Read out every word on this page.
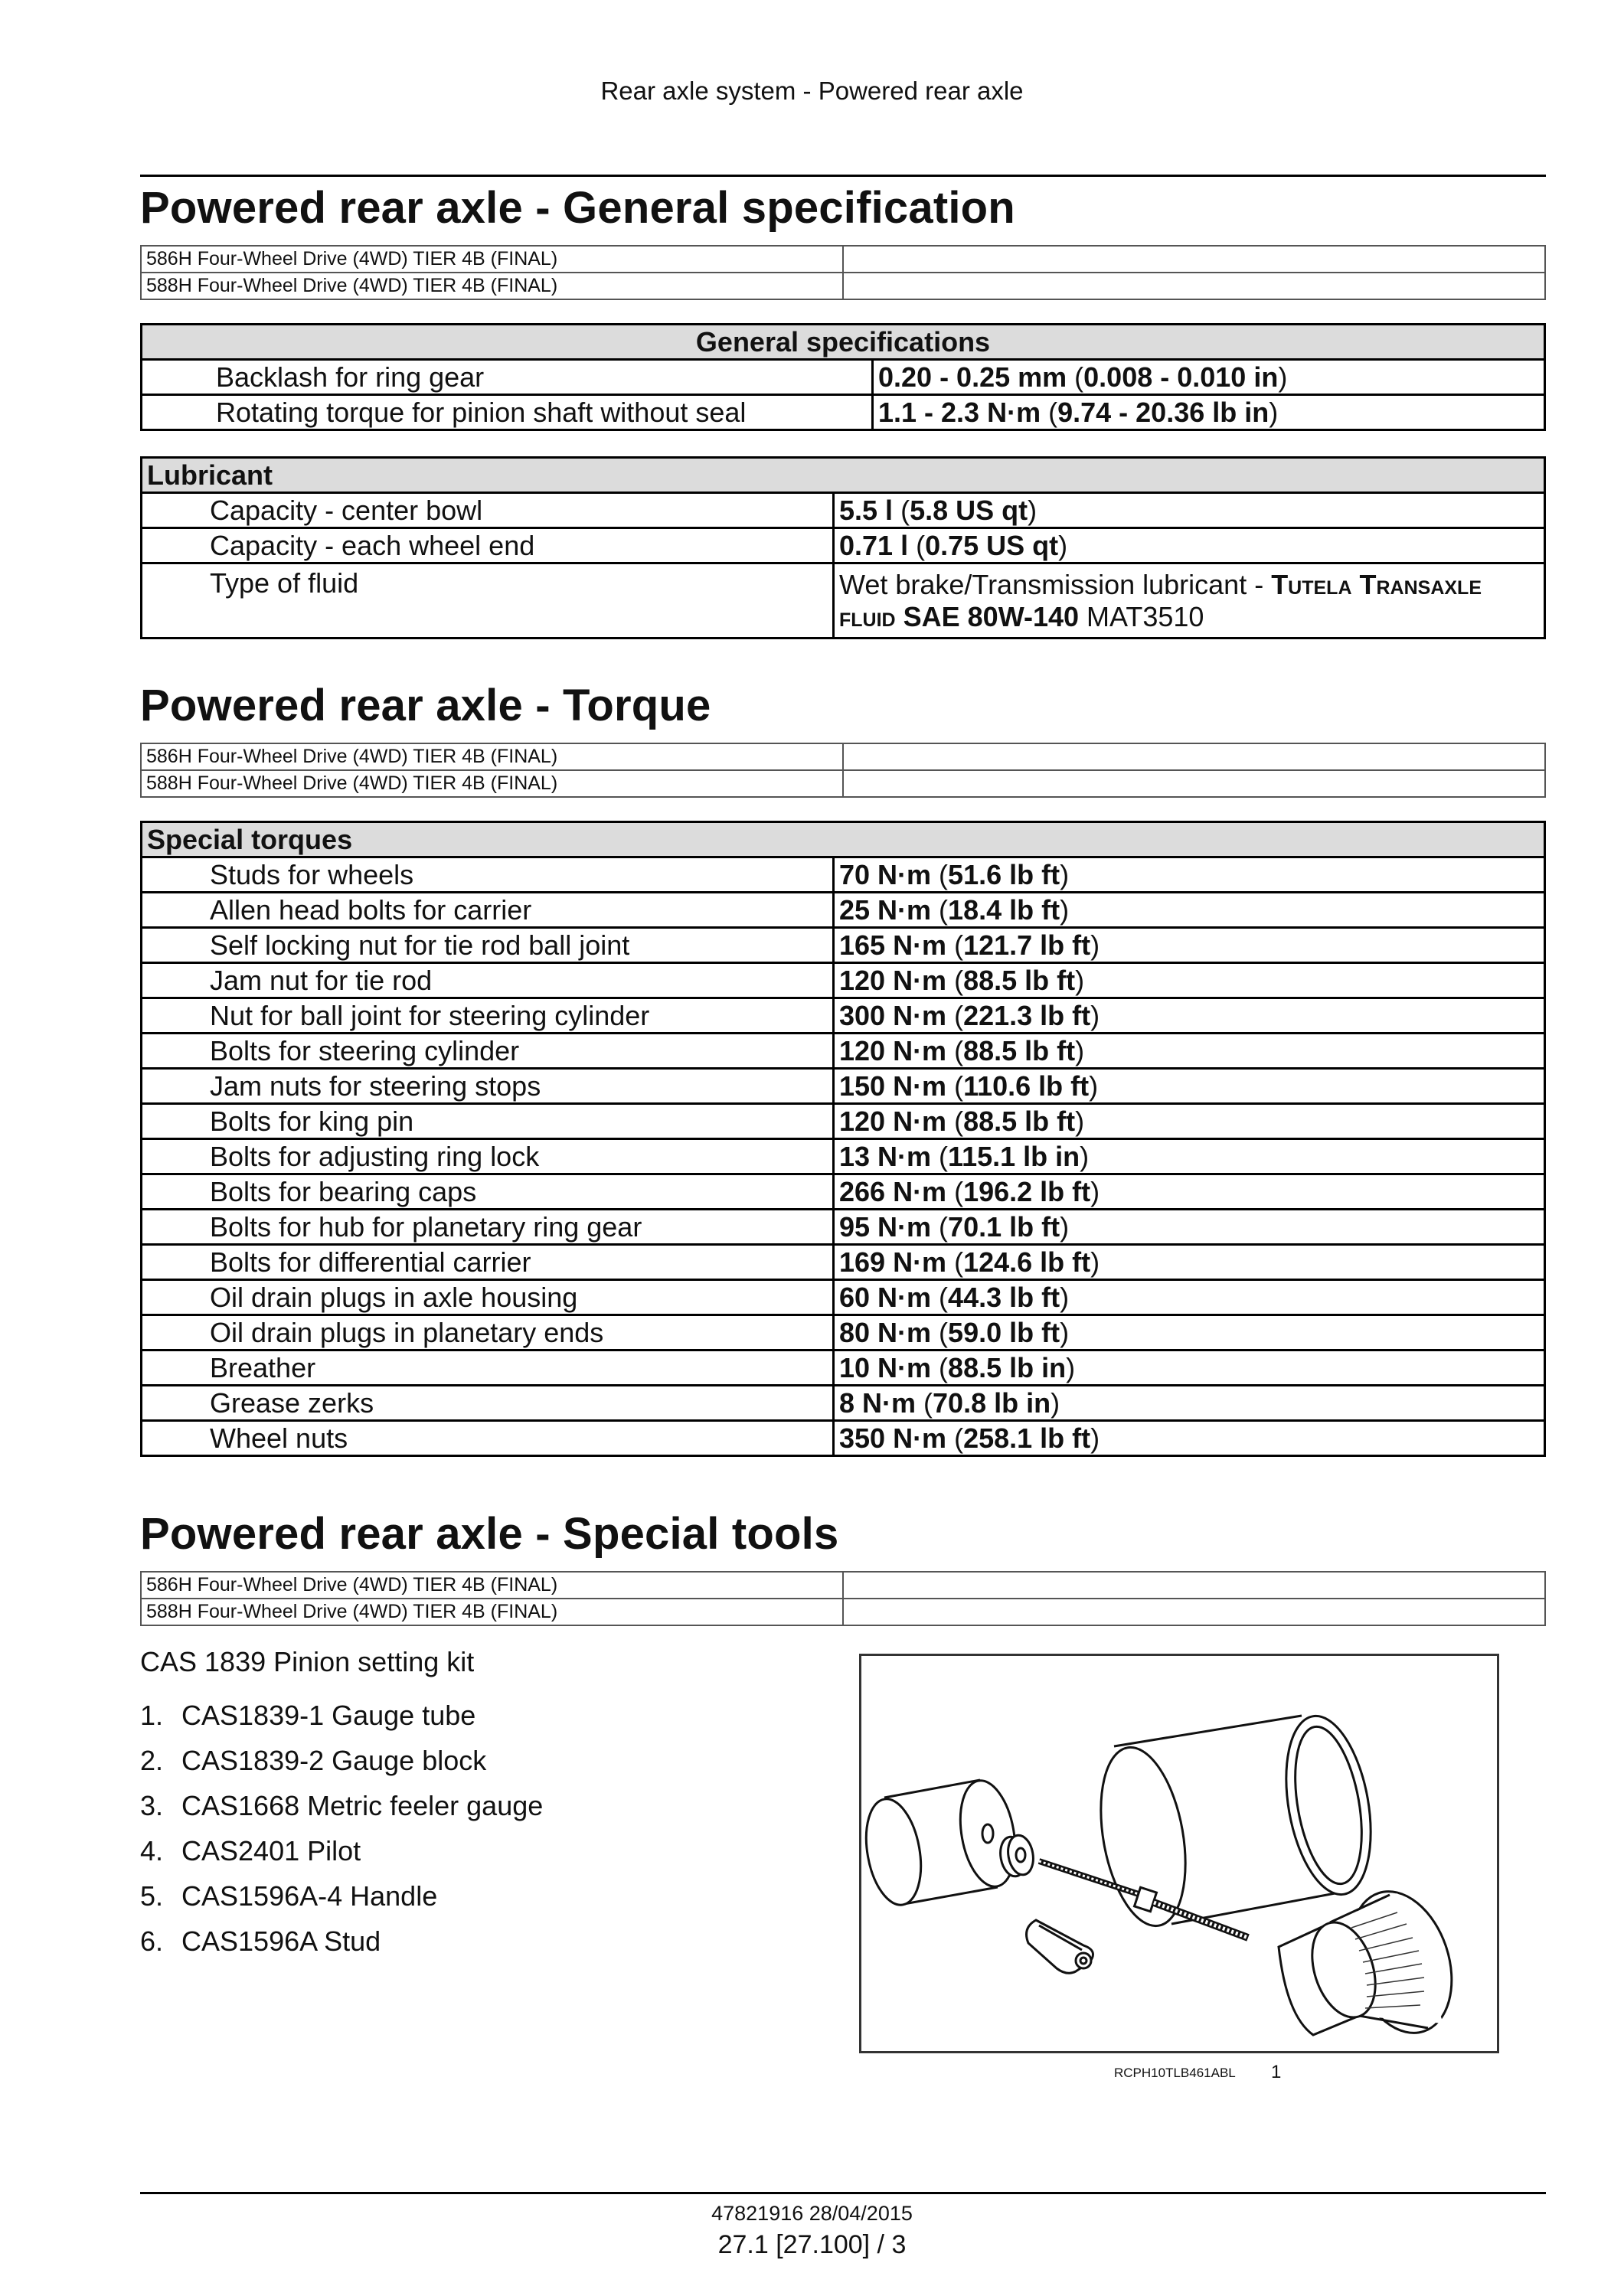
Rear axle system - Powered rear axle
Powered rear axle - General specification
586H Four-Wheel Drive (4WD) TIER 4B (FINAL)	
588H Four-Wheel Drive (4WD) TIER 4B (FINAL)	
General specifications	
Backlash for ring gear	0.20 - 0.25 mm (0.008 - 0.010 in)
Rotating torque for pinion shaft without seal	1.1 - 2.3 N·m (9.74 - 20.36 lb in)
Lubricant	
Capacity - center bowl	5.5 l (5.8 US qt)
Capacity - each wheel end	0.71 l (0.75 US qt)
Type of fluid	Wet brake/Transmission lubricant - Tutela Transaxle fluid SAE 80W-140 MAT3510
Powered rear axle - Torque
586H Four-Wheel Drive (4WD) TIER 4B (FINAL)	
588H Four-Wheel Drive (4WD) TIER 4B (FINAL)	
Special torques	
Studs for wheels	70 N·m (51.6 lb ft)
Allen head bolts for carrier	25 N·m (18.4 lb ft)
Self locking nut for tie rod ball joint	165 N·m (121.7 lb ft)
Jam nut for tie rod	120 N·m (88.5 lb ft)
Nut for ball joint for steering cylinder	300 N·m (221.3 lb ft)
Bolts for steering cylinder	120 N·m (88.5 lb ft)
Jam nuts for steering stops	150 N·m (110.6 lb ft)
Bolts for king pin	120 N·m (88.5 lb ft)
Bolts for adjusting ring lock	13 N·m (115.1 lb in)
Bolts for bearing caps	266 N·m (196.2 lb ft)
Bolts for hub for planetary ring gear	95 N·m (70.1 lb ft)
Bolts for differential carrier	169 N·m (124.6 lb ft)
Oil drain plugs in axle housing	60 N·m (44.3 lb ft)
Oil drain plugs in planetary ends	80 N·m (59.0 lb ft)
Breather	10 N·m (88.5 lb in)
Grease zerks	8 N·m (70.8 lb in)
Wheel nuts	350 N·m (258.1 lb ft)
Powered rear axle - Special tools
586H Four-Wheel Drive (4WD) TIER 4B (FINAL)	
588H Four-Wheel Drive (4WD) TIER 4B (FINAL)	
CAS 1839 Pinion setting kit
1. CAS1839-1 Gauge tube
2. CAS1839-2 Gauge block
3. CAS1668 Metric feeler gauge
4. CAS2401 Pilot
5. CAS1596A-4 Handle
6. CAS1596A Stud
RCPH10TLB461ABL 1
47821916 28/04/2015
27.1 [27.100] / 3
